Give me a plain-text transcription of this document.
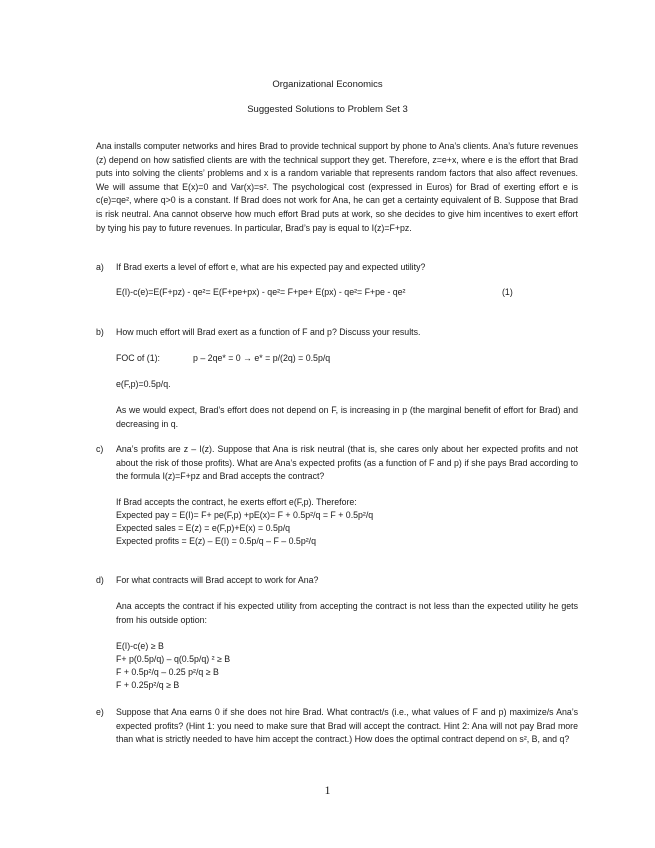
Organizational Economics
Suggested Solutions to Problem Set 3
Ana installs computer networks and hires Brad to provide technical support by phone to Ana’s clients. Ana’s future revenues (z) depend on how satisfied clients are with the technical support they get. Therefore, z=e+x, where e is the effort that Brad puts into solving the clients’ problems and x is a random variable that represents random factors that also affect revenues. We will assume that E(x)=0 and Var(x)=s². The psychological cost (expressed in Euros) for Brad of exerting effort e is c(e)=qe², where q>0 is a constant. If Brad does not work for Ana, he can get a certainty equivalent of B. Suppose that Brad is risk neutral. Ana cannot observe how much effort Brad puts at work, so she decides to give him incentives to exert effort by tying his pay to future revenues. In particular, Brad’s pay is equal to I(z)=F+pz.
a) If Brad exerts a level of effort e, what are his expected pay and expected utility?
E(I)-c(e)=E(F+pz) - qe²= E(F+pe+px) - qe²= F+pe+ E(px) - qe²= F+pe - qe²	(1)
b) How much effort will Brad exert as a function of F and p? Discuss your results.
FOC of (1):	p – 2qe* = 0 → e* = p/(2q) = 0.5p/q
e(F,p)=0.5p/q.
As we would expect, Brad’s effort does not depend on F, is increasing in p (the marginal benefit of effort for Brad) and decreasing in q.
c) Ana’s profits are z – I(z). Suppose that Ana is risk neutral (that is, she cares only about her expected profits and not about the risk of those profits). What are Ana’s expected profits (as a function of F and p) if she pays Brad according to the formula I(z)=F+pz and Brad accepts the contract?
If Brad accepts the contract, he exerts effort e(F,p). Therefore:
Expected pay = E(I)= F+ pe(F,p) +pE(x)= F + 0.5p²/q = F + 0.5p²/q
Expected sales = E(z) = e(F,p)+E(x) = 0.5p/q
Expected profits = E(z) – E(I) = 0.5p/q – F – 0.5p²/q
d) For what contracts will Brad accept to work for Ana?
Ana accepts the contract if his expected utility from accepting the contract is not less than the expected utility he gets from his outside option:
E(I)-c(e) ≥ B
F+ p(0.5p/q) – q(0.5p/q) ² ≥ B
F + 0.5p²/q – 0.25 p²/q ≥ B
F + 0.25p²/q ≥ B
e) Suppose that Ana earns 0 if she does not hire Brad. What contract/s (i.e., what values of F and p) maximize/s Ana’s expected profits? (Hint 1: you need to make sure that Brad will accept the contract. Hint 2: Ana will not pay Brad more than what is strictly needed to have him accept the contract.) How does the optimal contract depend on s², B, and q?
1
